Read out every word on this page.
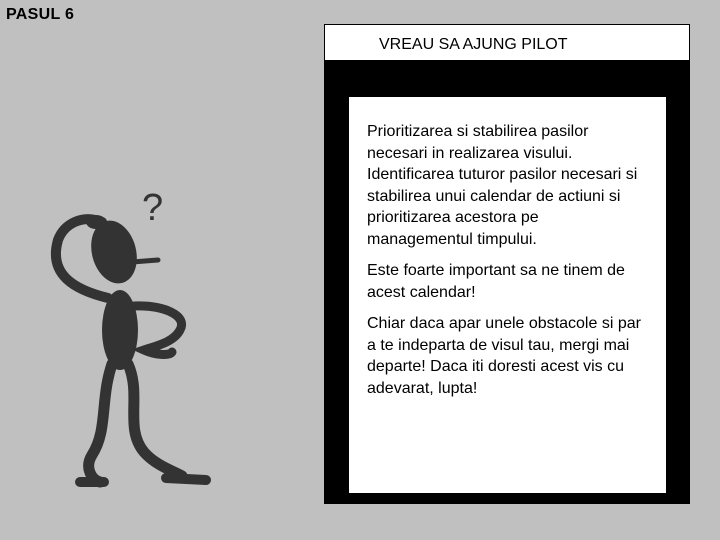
PASUL 6
?
VREAU SA AJUNG PILOT

Prioritizarea si stabilirea pasilor necesari in realizarea visului. Identificarea tuturor pasilor necesari si stabilirea unui calendar de actiuni si prioritizarea acestora pe managementul timpului.

Este foarte important sa ne tinem de acest calendar!

Chiar daca apar unele obstacole si par a te indeparta de visul tau, mergi mai departe! Daca iti doresti acest vis cu adevarat, lupta!
